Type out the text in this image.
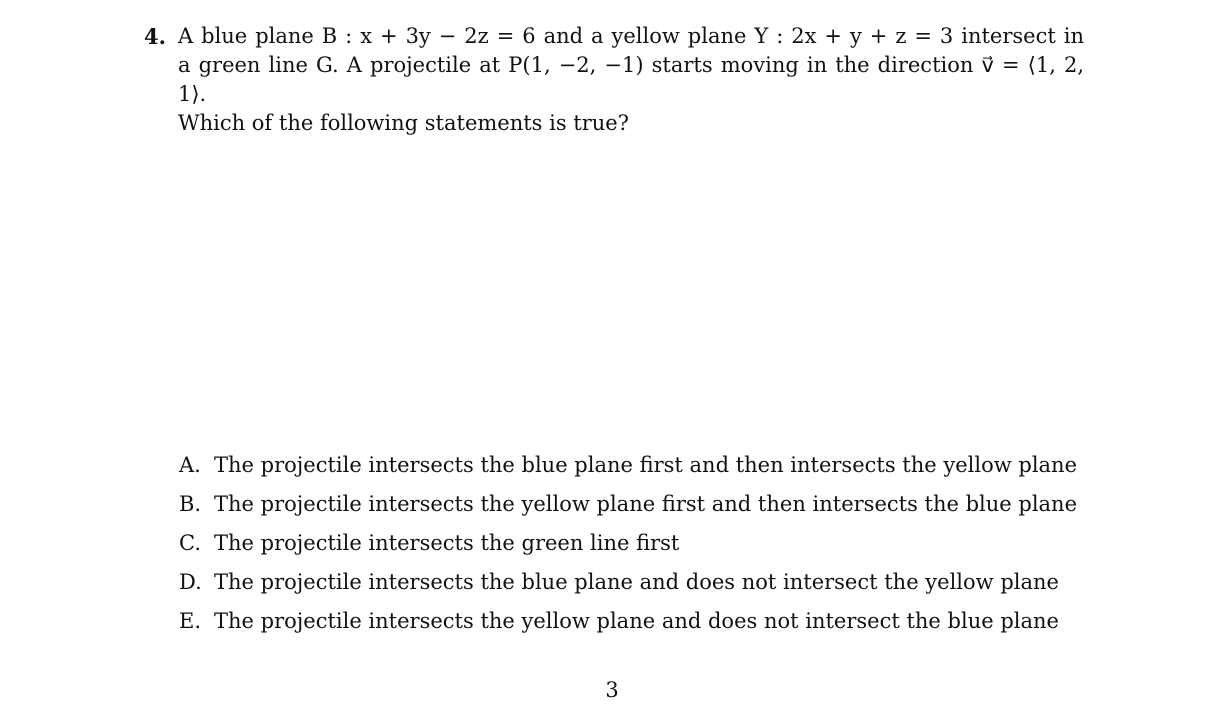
4. A blue plane B : x + 3y − 2z = 6 and a yellow plane Y : 2x + y + z = 3 intersect in
a green line G. A projectile at P(1, −2, −1) starts moving in the direction v⃗ = ⟨1, 2, 1⟩.
Which of the following statements is true?
A. The projectile intersects the blue plane first and then intersects the yellow plane
B. The projectile intersects the yellow plane first and then intersects the blue plane
C. The projectile intersects the green line first
D. The projectile intersects the blue plane and does not intersect the yellow plane
E. The projectile intersects the yellow plane and does not intersect the blue plane
3
